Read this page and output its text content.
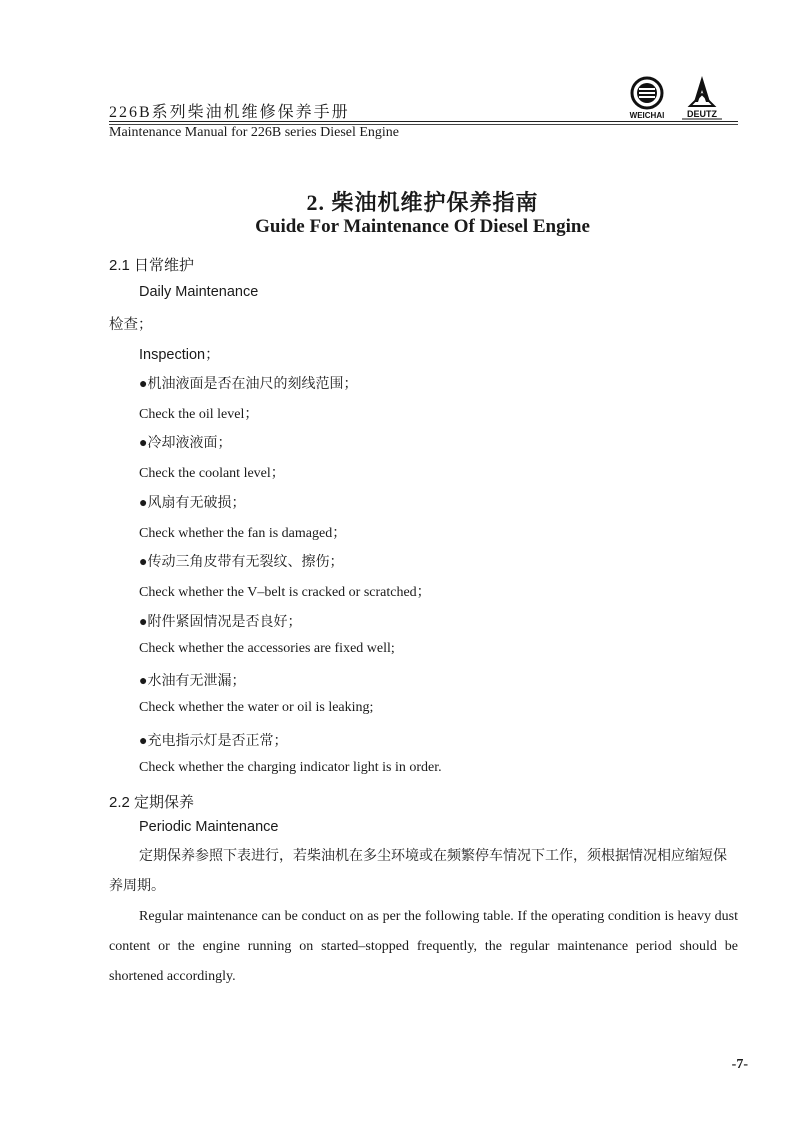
226B系列柴油机维修保养手册
Maintenance Manual for 226B series Diesel Engine
WEICHAI	DEUTZ
2. 柴油机维护保养指南
Guide For Maintenance Of Diesel Engine
2.1 日常维护
Daily Maintenance
检查；
Inspection；
●机油液面是否在油尺的刻线范围；
Check the oil level；
●冷却液液面；
Check the coolant level；
●风扇有无破损；
Check whether the fan is damaged；
●传动三角皮带有无裂纹、擦伤；
Check whether the V–belt is cracked or scratched；
●附件紧固情况是否良好；
Check whether the accessories are fixed well;
●水油有无泄漏；
Check whether the water or oil is leaking;
●充电指示灯是否正常；
Check whether the charging indicator light is in order.
2.2 定期保养
Periodic Maintenance
定期保养参照下表进行，若柴油机在多尘环境或在频繁停车情况下工作，须根据情况相应缩短保养周期。
Regular maintenance can be conduct on as per the following table. If the operating condition is heavy dust content or the engine running on started–stopped frequently, the regular maintenance period should be shortened accordingly.
-7-
